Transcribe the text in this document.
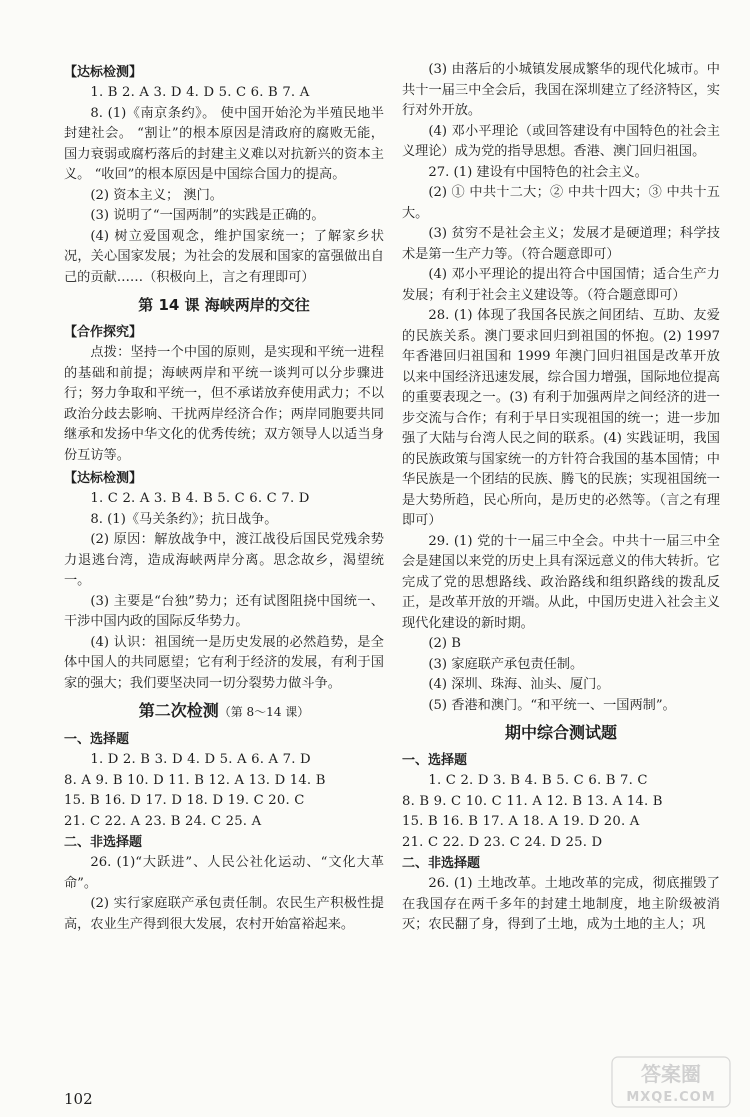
【达标检测】

1. B 2. A 3. D 4. D 5. C 6. B 7. A

8. (1)《南京条约》。 使中国开始沦为半殖民地半封建社会。 “割让”的根本原因是清政府的腐败无能，国力衰弱或腐朽落后的封建主义难以对抗新兴的资本主义。 “收回”的根本原因是中国综合国力的提高。

(2) 资本主义； 澳门。

(3) 说明了“一国两制”的实践是正确的。

(4) 树立爱国观念，维护国家统一；了解家乡状况，关心国家发展；为社会的发展和国家的富强做出自己的贡献……（积极向上，言之有理即可）

第 14 课 海峡两岸的交往
【合作探究】

点拨：坚持一个中国的原则，是实现和平统一进程的基础和前提；海峡两岸和平统一谈判可以分步骤进行；努力争取和平统一，但不承诺放弃使用武力；不以政治分歧去影响、干扰两岸经济合作；两岸同胞要共同继承和发扬中华文化的优秀传统；双方领导人以适当身份互访等。

【达标检测】

1. C 2. A 3. B 4. B 5. C 6. C 7. D

8. (1)《马关条约》；抗日战争。

(2) 原因：解放战争中，渡江战役后国民党残余势力退逃台湾，造成海峡两岸分离。思念故乡，渴望统一。

(3) 主要是“台独”势力；还有试图阻挠中国统一、干涉中国内政的国际反华势力。

(4) 认识：祖国统一是历史发展的必然趋势，是全体中国人的共同愿望；它有利于经济的发展，有利于国家的强大；我们要坚决同一切分裂势力做斗争。

第二次检测（第 8～14 课）
一、选择题

1. D 2. B 3. D 4. D 5. A 6. A 7. D

8. A 9. B 10. D 11. B 12. A 13. D 14. B

15. B 16. D 17. D 18. D 19. C 20. C

21. C 22. A 23. B 24. C 25. A

二、非选择题

26. (1)“大跃进”、人民公社化运动、“文化大革命”。

(2) 实行家庭联产承包责任制。农民生产积极性提高，农业生产得到很大发展，农村开始富裕起来。

(3) 由落后的小城镇发展成繁华的现代化城市。中共十一届三中全会后，我国在深圳建立了经济特区，实行对外开放。

(4) 邓小平理论（或回答建设有中国特色的社会主义理论）成为党的指导思想。香港、澳门回归祖国。

27. (1) 建设有中国特色的社会主义。

(2) ① 中共十二大；② 中共十四大；③ 中共十五大。

(3) 贫穷不是社会主义；发展才是硬道理；科学技术是第一生产力等。（符合题意即可）

(4) 邓小平理论的提出符合中国国情；适合生产力发展；有利于社会主义建设等。（符合题意即可）

28. (1) 体现了我国各民族之间团结、互助、友爱的民族关系。澳门要求回归到祖国的怀抱。(2) 1997 年香港回归祖国和 1999 年澳门回归祖国是改革开放以来中国经济迅速发展，综合国力增强，国际地位提高的重要表现之一。(3) 有利于加强两岸之间经济的进一步交流与合作；有利于早日实现祖国的统一；进一步加强了大陆与台湾人民之间的联系。(4) 实践证明，我国的民族政策与国家统一的方针符合我国的基本国情；中华民族是一个团结的民族、腾飞的民族；实现祖国统一是大势所趋，民心所向，是历史的必然等。（言之有理即可）

29. (1) 党的十一届三中全会。中共十一届三中全会是建国以来党的历史上具有深远意义的伟大转折。它完成了党的思想路线、政治路线和组织路线的拨乱反正，是改革开放的开端。从此，中国历史进入社会主义现代化建设的新时期。

(2) B

(3) 家庭联产承包责任制。

(4) 深圳、珠海、汕头、厦门。

(5) 香港和澳门。“和平统一、一国两制”。

期中综合测试题
一、选择题

1. C 2. D 3. B 4. B 5. C 6. B 7. C

8. B 9. C 10. C 11. A 12. B 13. A 14. B

15. B 16. B 17. A 18. A 19. D 20. A

21. C 22. D 23. C 24. D 25. D

二、非选择题

26. (1) 土地改革。土地改革的完成，彻底摧毁了在我国存在两千多年的封建土地制度，地主阶级被消灭；农民翻了身，得到了土地，成为土地的主人；巩

102
答案圈
MXQE.COM
